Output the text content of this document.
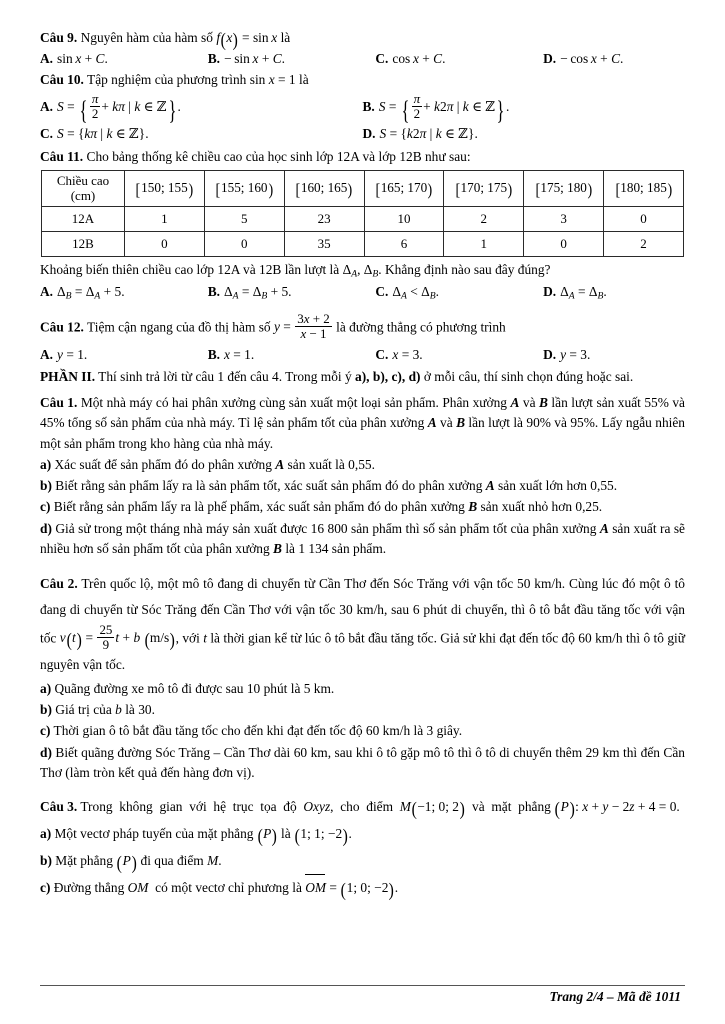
Câu 9. Nguyên hàm của hàm số f(x) = sin x là

A. sin x + C.	B. − sin x + C.	C. cos x + C.	D. − cos x + C.

Câu 10. Tập nghiệm của phương trình sin x = 1 là

A. S = { $\frac{\pi}{2} + k\pi$ | k ∈ ℤ}.	B. S = { $\frac{\pi}{2} + k2\pi$ | k ∈ ℤ}.
C. S = {kπ | k ∈ ℤ}.	D. S = {k2π | k ∈ ℤ}.

Câu 11. Cho bảng thống kê chiều cao của học sinh lớp 12A và lớp 12B như sau:

Chiều cao (cm)	[150; 155)	[155; 160)	[160; 165)	[165; 170)	[170; 175)	[175; 180)	[180; 185)
12A	1	5	23	10	2	3	0
12B	0	0	35	6	1	0	2

Khoảng biến thiên chiều cao lớp 12A và 12B lần lượt là $\Delta_A$, $\Delta_B$. Khẳng định nào sau đây đúng?

A. $\Delta_B = \Delta_A + 5$.	B. $\Delta_A = \Delta_B + 5$.	C. $\Delta_A < \Delta_B$.	D. $\Delta_A = \Delta_B$.

Câu 12. Tiệm cận ngang của đồ thị hàm số $y = \frac{3x + 2}{x - 1}$ là đường thẳng có phương trình

A. y = 1.	B. x = 1.	C. x = 3.	D. y = 3.

PHẦN II. Thí sinh trả lời từ câu 1 đến câu 4. Trong mỗi ý a), b), c), d) ở mỗi câu, thí sinh chọn đúng hoặc sai.

Câu 1. Một nhà máy có hai phân xưởng cùng sản xuất một loại sản phẩm. Phân xưởng A và B lần lượt sản xuất 55% và 45% tổng số sản phẩm của nhà máy. Tỉ lệ sản phẩm tốt của phân xưởng A và B lần lượt là 90% và 95%. Lấy ngẫu nhiên một sản phẩm trong kho hàng của nhà máy.

a) Xác suất để sản phẩm đó do phân xưởng A sản xuất là 0,55.

b) Biết rằng sản phẩm lấy ra là sản phẩm tốt, xác suất sản phẩm đó do phân xưởng A sản xuất lớn hơn 0,55.

c) Biết rằng sản phẩm lấy ra là phế phẩm, xác suất sản phẩm đó do phân xưởng B sản xuất nhỏ hơn 0,25.

d) Giả sử trong một tháng nhà máy sản xuất được 16 800 sản phẩm thì số sản phẩm tốt của phân xưởng A sản xuất ra sẽ nhiều hơn số sản phẩm tốt của phân xưởng B là 1 134 sản phẩm.

Câu 2. Trên quốc lộ, một mô tô đang di chuyển từ Cần Thơ đến Sóc Trăng với vận tốc 50 km/h. Cùng lúc đó một ô tô đang di chuyển từ Sóc Trăng đến Cần Thơ với vận tốc 30 km/h, sau 6 phút di chuyển, thì ô tô bắt đầu tăng tốc với vận tốc $v(t) = \frac{25}{9}$ t + b (m/s), với t là thời gian kể từ lúc ô tô bắt đầu tăng tốc. Giả sử khi đạt đến tốc độ 60 km/h thì ô tô giữ nguyên vận tốc.

a) Quãng đường xe mô tô đi được sau 10 phút là 5 km.

b) Giá trị của b là 30.

c) Thời gian ô tô bắt đầu tăng tốc cho đến khi đạt đến tốc độ 60 km/h là 3 giây.

d) Biết quãng đường Sóc Trăng – Cần Thơ dài 60 km, sau khi ô tô gặp mô tô thì ô tô di chuyển thêm 29 km thì đến Cần Thơ (làm tròn kết quả đến hàng đơn vị).

Câu 3. Trong  không  gian  với  hệ  trục  tọa  độ  Oxyz,  cho  điểm  M(−1; 0; 2)  và  mặt  phẳng (P): x + y − 2z + 4 = 0.

a) Một vectơ pháp tuyến của mặt phẳng (P) là (1; 1; −2).

b) Mặt phẳng (P) đi qua điểm M.

c) Đường thẳng OM  có một vectơ chỉ phương là OM = (1; 0; −2).

Trang 2/4 – Mã đề 1011
